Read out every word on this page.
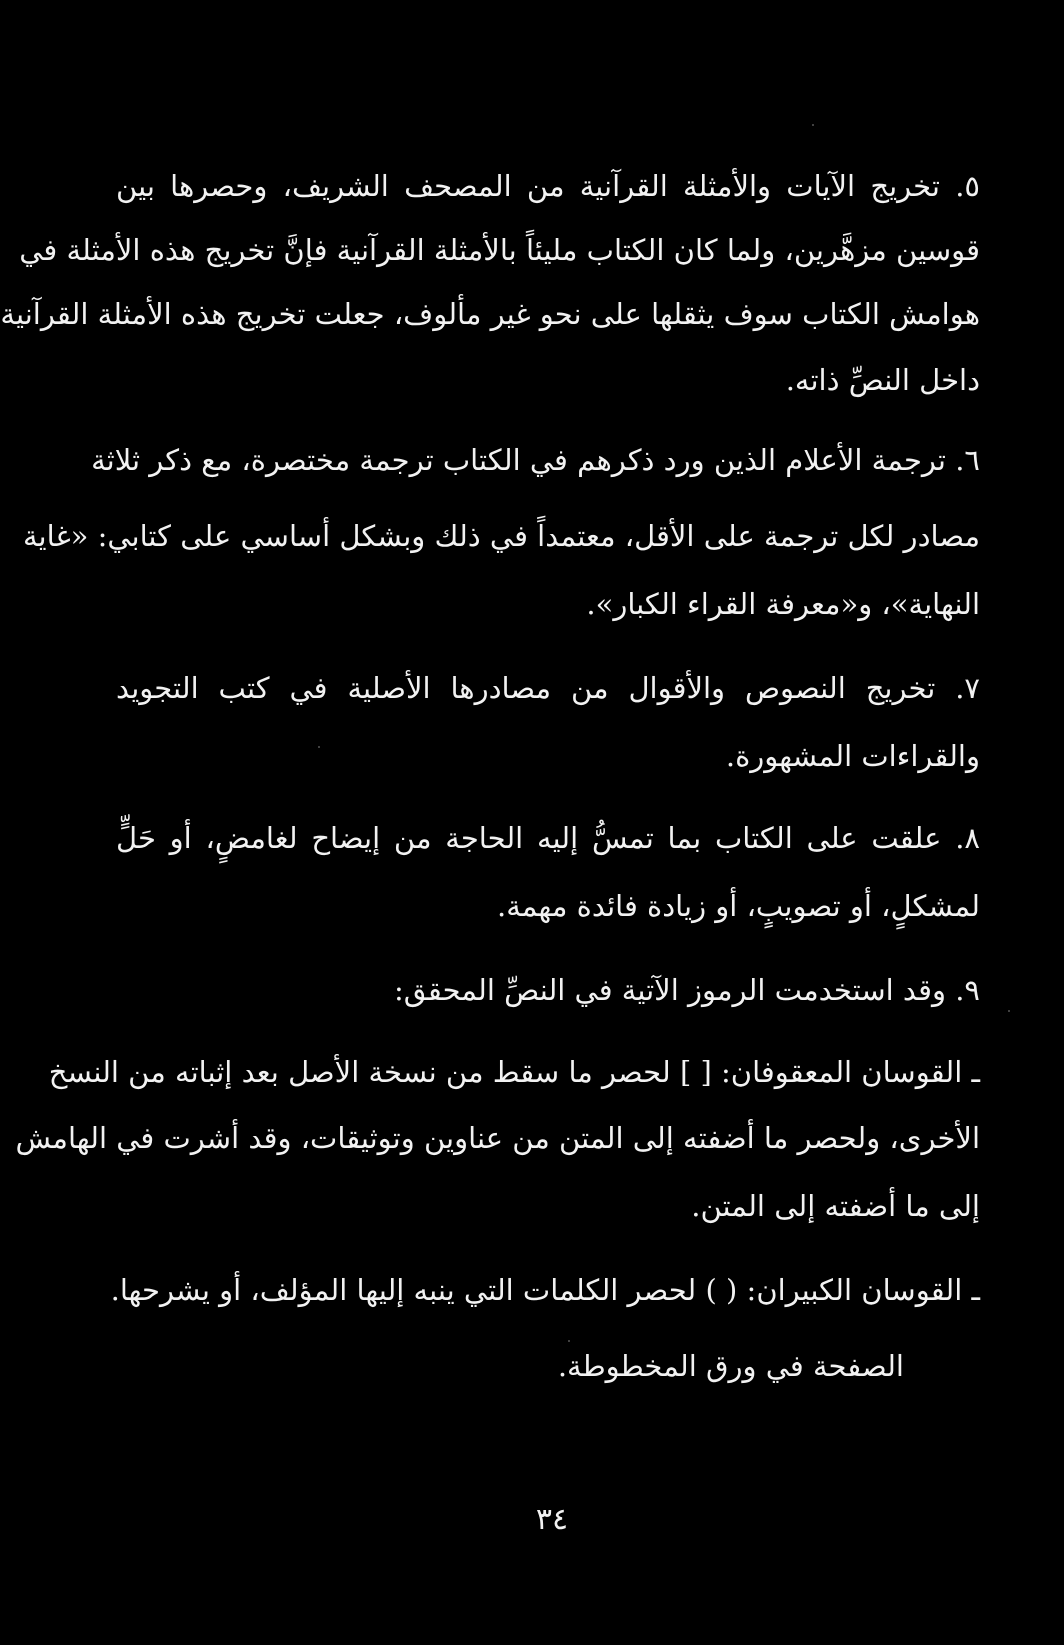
٥. تخريج الآيات والأمثلة القرآنية من المصحف الشريف، وحصرها بين
قوسين مزهَّرين، ولما كان الكتاب مليئاً بالأمثلة القرآنية فإنَّ تخريج هذه الأمثلة في
هوامش الكتاب سوف يثقلها على نحو غير مألوف، جعلت تخريج هذه الأمثلة القرآنية
داخل النصِّ ذاته.
٦. ترجمة الأعلام الذين ورد ذكرهم في الكتاب ترجمة مختصرة، مع ذكر ثلاثة
مصادر لكل ترجمة على الأقل، معتمداً في ذلك وبشكل أساسي على كتابي: «غاية
النهاية»، و«معرفة القراء الكبار».
٧. تخريج النصوص والأقوال من مصادرها الأصلية في كتب التجويد
والقراءات المشهورة.
٨. علقت على الكتاب بما تمسُّ إليه الحاجة من إيضاح لغامضٍ، أو حَلٍّ
لمشكلٍ، أو تصويبٍ، أو زيادة فائدة مهمة.
٩. وقد استخدمت الرموز الآتية في النصِّ المحقق:
ـ القوسان المعقوفان: [ ] لحصر ما سقط من نسخة الأصل بعد إثباته من النسخ
الأخرى، ولحصر ما أضفته إلى المتن من عناوين وتوثيقات، وقد أشرت في الهامش
إلى ما أضفته إلى المتن.
ـ القوسان الكبيران: ( ) لحصر الكلمات التي ينبه إليها المؤلف، أو يشرحها.
الصفحة في ورق المخطوطة.
٣٤
